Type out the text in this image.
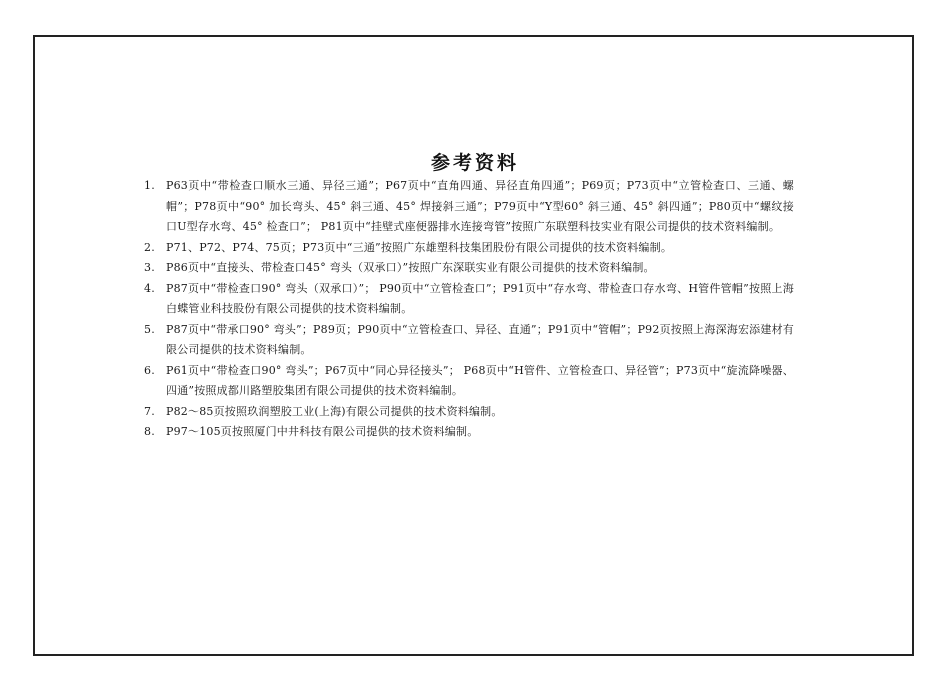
参考资料
1.	P63页中“带检查口顺水三通、异径三通”；P67页中“直角四通、异径直角四通”；P69页；P73页中“立管检查口、三通、螺帽”；P78页中“90° 加长弯头、45° 斜三通、45° 焊接斜三通”；P79页中“Y型60° 斜三通、45° 斜四通”；P80页中“螺纹接口U型存水弯、45° 检查口”； P81页中“挂壁式座便器排水连接弯管”按照广东联塑科技实业有限公司提供的技术资料编制。
2.	P71、P72、P74、75页；P73页中“三通”按照广东雄塑科技集团股份有限公司提供的技术资料编制。
3.	P86页中“直接头、带检查口45° 弯头（双承口）”按照广东深联实业有限公司提供的技术资料编制。
4.	P87页中“带检查口90° 弯头（双承口）”； P90页中“立管检查口”；P91页中“存水弯、带检查口存水弯、H管件管帽”按照上海白蝶管业科技股份有限公司提供的技术资料编制。
5.	P87页中“带承口90° 弯头”；P89页；P90页中“立管检查口、异径、直通”；P91页中“管帽”；P92页按照上海深海宏添建材有限公司提供的技术资料编制。
6.	P61页中“带检查口90° 弯头”；P67页中“同心异径接头”； P68页中“H管件、立管检查口、异径管”；P73页中“旋流降噪器、四通”按照成都川路塑胶集团有限公司提供的技术资料编制。
7.	P82～85页按照玖润塑胶工业(上海)有限公司提供的技术资料编制。
8.	P97～105页按照厦门中井科技有限公司提供的技术资料编制。
